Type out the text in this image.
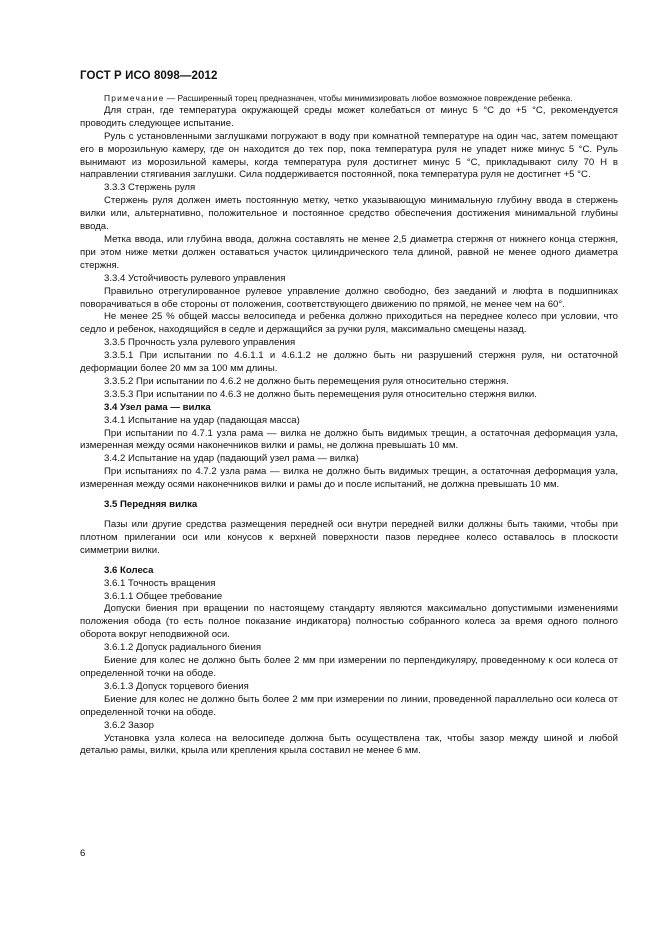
ГОСТ Р ИСО 8098—2012

Примечание — Расширенный торец предназначен, чтобы минимизировать любое возможное повреждение ребенка.

Для стран, где температура окружающей среды может колебаться от минус 5 °С до +5 °С, рекомендуется проводить следующее испытание.

Руль с установленными заглушками погружают в воду при комнатной температуре на один час, затем помещают его в морозильную камеру, где он находится до тех пор, пока температура руля не упадет ниже минус 5 °С. Руль вынимают из морозильной камеры, когда температура руля достигнет минус 5 °С, прикладывают силу 70 Н в направлении стягивания заглушки. Сила поддерживается постоянной, пока температура руля не достигнет +5 °С.

3.3.3 Стержень руля

Стержень руля должен иметь постоянную метку, четко указывающую минимальную глубину ввода в стержень вилки или, альтернативно, положительное и постоянное средство обеспечения достижения минимальной глубины ввода.

Метка ввода, или глубина ввода, должна составлять не менее 2,5 диаметра стержня от нижнего конца стержня, при этом ниже метки должен оставаться участок цилиндрического тела длиной, равной не менее одного диаметра стержня.

3.3.4 Устойчивость рулевого управления

Правильно отрегулированное рулевое управление должно свободно, без заеданий и люфта в подшипниках поворачиваться в обе стороны от положения, соответствующего движению по прямой, не менее чем на 60°.

Не менее 25 % общей массы велосипеда и ребенка должно приходиться на переднее колесо при условии, что седло и ребенок, находящийся в седле и держащийся за ручки руля, максимально смещены назад.

3.3.5 Прочность узла рулевого управления

3.3.5.1 При испытании по 4.6.1.1 и 4.6.1.2 не должно быть ни разрушений стержня руля, ни остаточной деформации более 20 мм за 100 мм длины.

3.3.5.2 При испытании по 4.6.2 не должно быть перемещения руля относительно стержня.

3.3.5.3 При испытании по 4.6.3 не должно быть перемещения руля относительно стержня вилки.

3.4 Узел рама — вилка

3.4.1 Испытание на удар (падающая масса)

При испытании по 4.7.1 узла рама — вилка не должно быть видимых трещин, а остаточная деформация узла, измеренная между осями наконечников вилки и рамы, не должна превышать 10 мм.

3.4.2 Испытание на удар (падающий узел рама — вилка)

При испытаниях по 4.7.2 узла рама — вилка не должно быть видимых трещин, а остаточная деформация узла, измеренная между осями наконечников вилки и рамы до и после испытаний, не должна превышать 10 мм.

3.5 Передняя вилка

Пазы или другие средства размещения передней оси внутри передней вилки должны быть такими, чтобы при плотном прилегании оси или конусов к верхней поверхности пазов переднее колесо оставалось в плоскости симметрии вилки.

3.6 Колеса

3.6.1 Точность вращения

3.6.1.1 Общее требование

Допуски биения при вращении по настоящему стандарту являются максимально допустимыми изменениями положения обода (то есть полное показание индикатора) полностью собранного колеса за время одного полного оборота вокруг неподвижной оси.

3.6.1.2 Допуск радиального биения

Биение для колес не должно быть более 2 мм при измерении по перпендикуляру, проведенному к оси колеса от определенной точки на ободе.

3.6.1.3 Допуск торцевого биения

Биение для колес не должно быть более 2 мм при измерении по линии, проведенной параллельно оси колеса от определенной точки на ободе.

3.6.2 Зазор

Установка узла колеса на велосипеде должна быть осуществлена так, чтобы зазор между шиной и любой деталью рамы, вилки, крыла или крепления крыла составил не менее 6 мм.

6
